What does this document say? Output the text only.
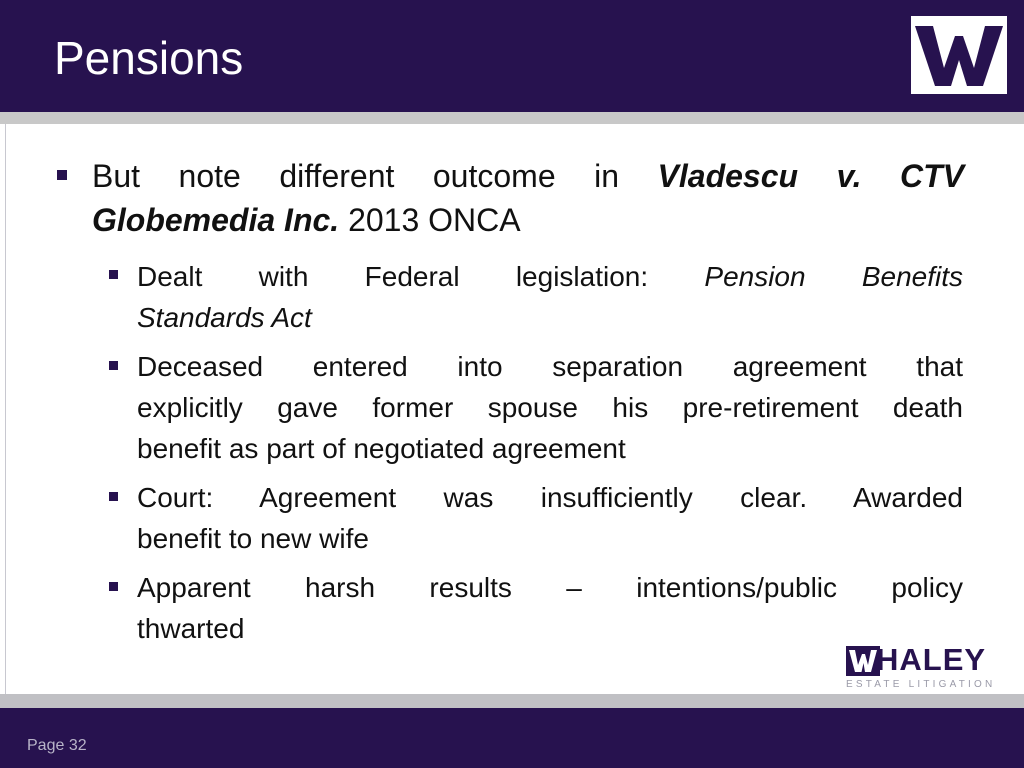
Pensions
But note different outcome in Vladescu v. CTV
Globemedia Inc. 2013 ONCA
Dealt with Federal legislation: Pension Benefits
Standards Act
Deceased entered into separation agreement that
explicitly gave former spouse his pre-retirement death
benefit as part of negotiated agreement
Court: Agreement was insufficiently clear. Awarded
benefit to new wife
Apparent harsh results – intentions/public policy
thwarted
HALEY
ESTATE LITIGATION
Page 32
